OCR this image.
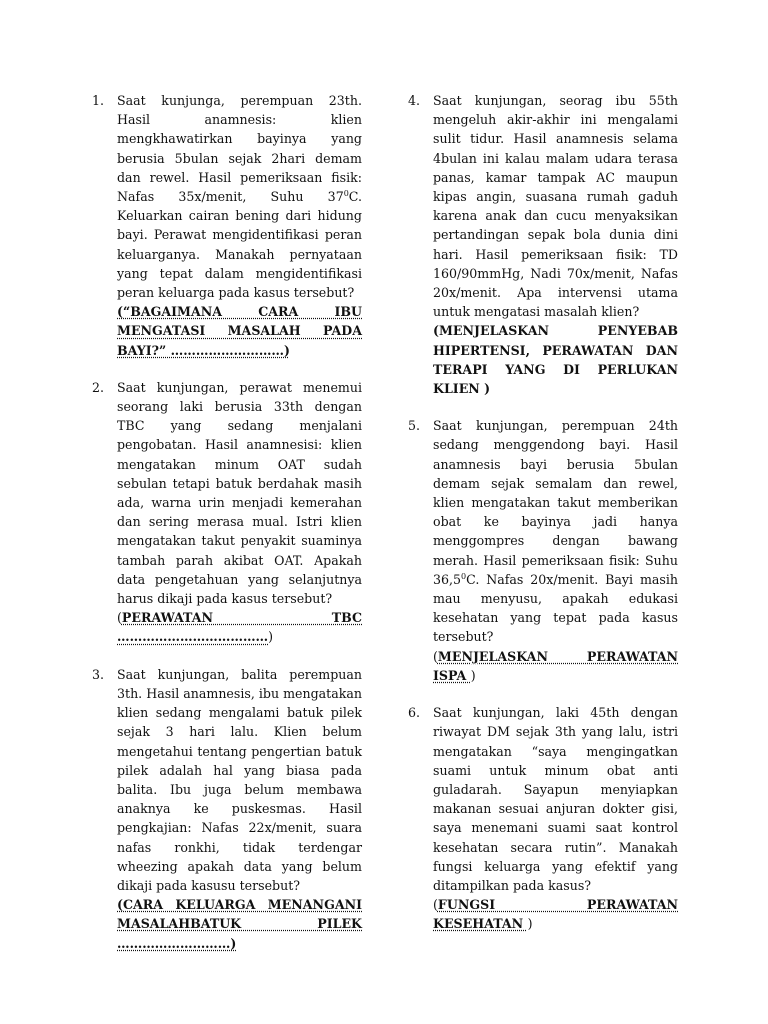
1.	Saat kunjunga, perempuan 23th. Hasil anamnesis: klien mengkhawatirkan bayinya yang berusia 5bulan sejak 2hari demam dan rewel. Hasil pemeriksaan fisik: Nafas 35x/menit, Suhu $37^0C$. Keluarkan cairan bening dari hidung bayi. Perawat mengidentifikasi peran keluarganya. Manakah pernyataan yang tepat dalam mengidentifikasi peran keluarga pada kasus tersebut?
(“BAGAIMANA CARA IBU MENGATASI MASALAH PADA BAYI?” ………………………)
2.	Saat kunjungan, perawat menemui seorang laki berusia 33th dengan TBC yang sedang menjalani pengobatan. Hasil anamnesisi: klien mengatakan minum OAT sudah sebulan tetapi batuk berdahak masih ada, warna urin menjadi kemerahan dan sering merasa mual. Istri klien mengatakan takut penyakit suaminya tambah parah akibat OAT. Apakah data pengetahuan yang selanjutnya harus dikaji pada kasus tersebut?
(PERAWATAN TBC ………………………………)
3.	Saat kunjungan, balita perempuan 3th. Hasil anamnesis, ibu mengatakan klien sedang mengalami batuk pilek sejak 3 hari lalu. Klien belum mengetahui tentang pengertian batuk pilek adalah hal yang biasa pada balita. Ibu juga belum membawa anaknya ke puskesmas. Hasil pengkajian: Nafas 22x/menit, suara nafas ronkhi, tidak terdengar wheezing apakah data yang belum dikaji pada kasusu tersebut?
(CARA KELUARGA MENANGANI MASALAHBATUK PILEK ………………………)
4.	Saat kunjungan, seorag ibu 55th mengeluh akir-akhir ini mengalami sulit tidur. Hasil anamnesis selama 4bulan ini kalau malam udara terasa panas, kamar tampak AC maupun kipas angin, suasana rumah gaduh karena anak dan cucu menyaksikan pertandingan sepak bola dunia dini hari. Hasil pemeriksaan fisik: TD 160/90mmHg, Nadi 70x/menit, Nafas 20x/menit. Apa intervensi utama untuk mengatasi masalah klien?
(MENJELASKAN PENYEBAB HIPERTENSI, PERAWATAN DAN TERAPI YANG DI PERLUKAN KLIEN )
5.	Saat kunjungan, perempuan 24th sedang menggendong bayi. Hasil anamnesis bayi berusia 5bulan demam sejak semalam dan rewel, klien mengatakan takut memberikan obat ke bayinya jadi hanya menggompres dengan bawang merah. Hasil pemeriksaan fisik: Suhu 36,5$^0$C. Nafas 20x/menit. Bayi masih mau menyusu, apakah edukasi kesehatan yang tepat pada kasus tersebut?
(MENJELASKAN PERAWATAN ISPA )
6.	Saat kunjungan, laki 45th dengan riwayat DM sejak 3th yang lalu, istri mengatakan “saya mengingatkan suami untuk minum obat anti guladarah. Sayapun menyiapkan makanan sesuai anjuran dokter gisi, saya menemani suami saat kontrol kesehatan secara rutin”. Manakah fungsi keluarga yang efektif yang ditampilkan pada kasus?
(FUNGSI PERAWATAN KESEHATAN )
